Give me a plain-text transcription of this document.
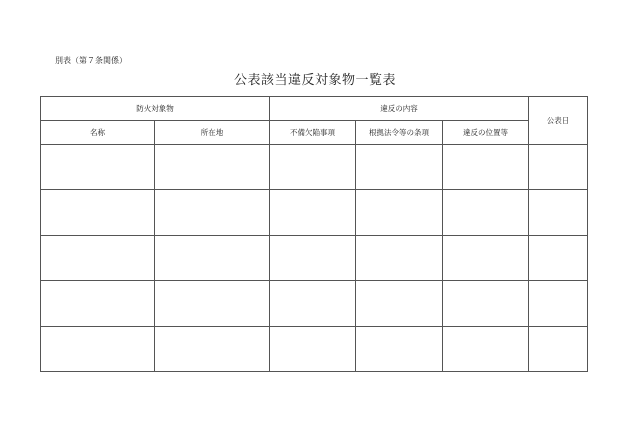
別表（第７条関係）
公表該当違反対象物一覧表
防火対象物		違反の内容			公表日
名称	所在地	不備欠陥事項	根拠法令等の条項	違反の位置等	
